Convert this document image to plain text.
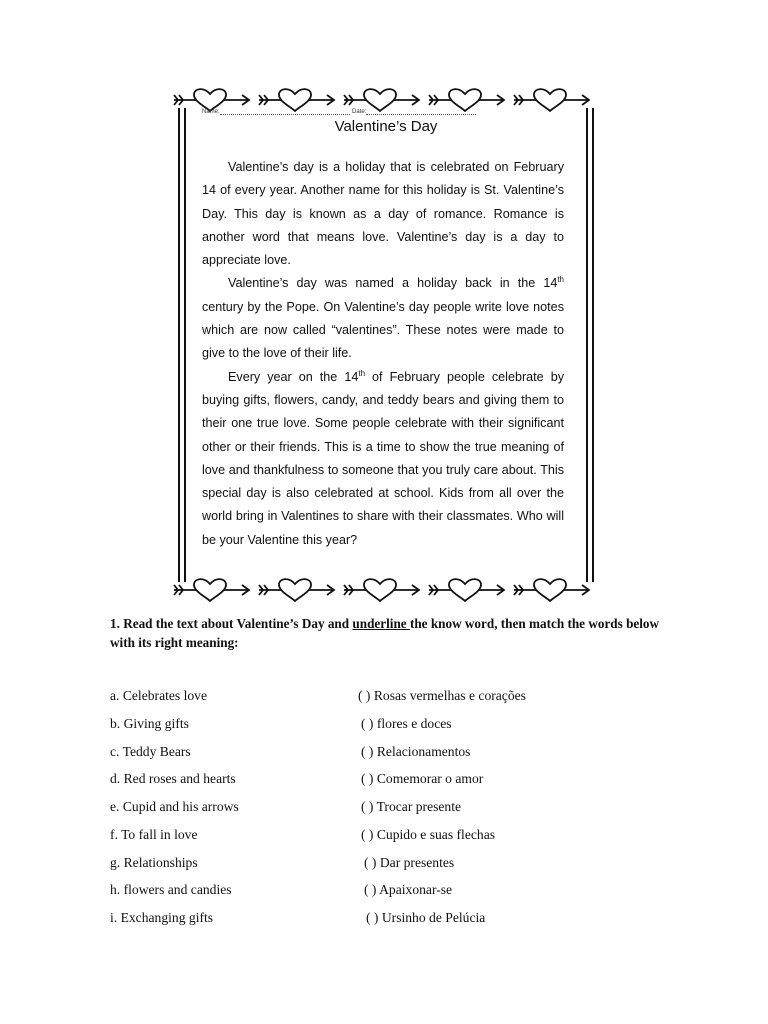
Name:	Date:
Valentine’s Day

Valentine’s day is a holiday that is celebrated on February 14 of every year. Another name for this holiday is St. Valentine’s Day. This day is known as a day of romance. Romance is another word that means love. Valentine’s day is a day to appreciate love.

Valentine’s day was named a holiday back in the 14th century by the Pope. On Valentine’s day people write love notes which are now called “valentines”. These notes were made to give to the love of their life.

Every year on the 14th of February people celebrate by buying gifts, flowers, candy, and teddy bears and giving them to their one true love. Some people celebrate with their significant other or their friends. This is a time to show the true meaning of love and thankfulness to someone that you truly care about. This special day is also celebrated at school. Kids from all over the world bring in Valentines to share with their classmates. Who will be your Valentine this year?

1. Read the text about Valentine’s Day and underline the know word, then match the words below with its right meaning:
a. Celebrates love	( ) Rosas vermelhas e corações
b. Giving gifts	( ) flores e doces
c. Teddy Bears	( ) Relacionamentos
d. Red roses and hearts	( ) Comemorar o amor
e. Cupid and his arrows	( ) Trocar presente
f. To fall in love	( ) Cupido e suas flechas
g. Relationships	( ) Dar presentes
h. flowers and candies	( ) Apaixonar-se
i. Exchanging gifts	( ) Ursinho de Pelúcia
